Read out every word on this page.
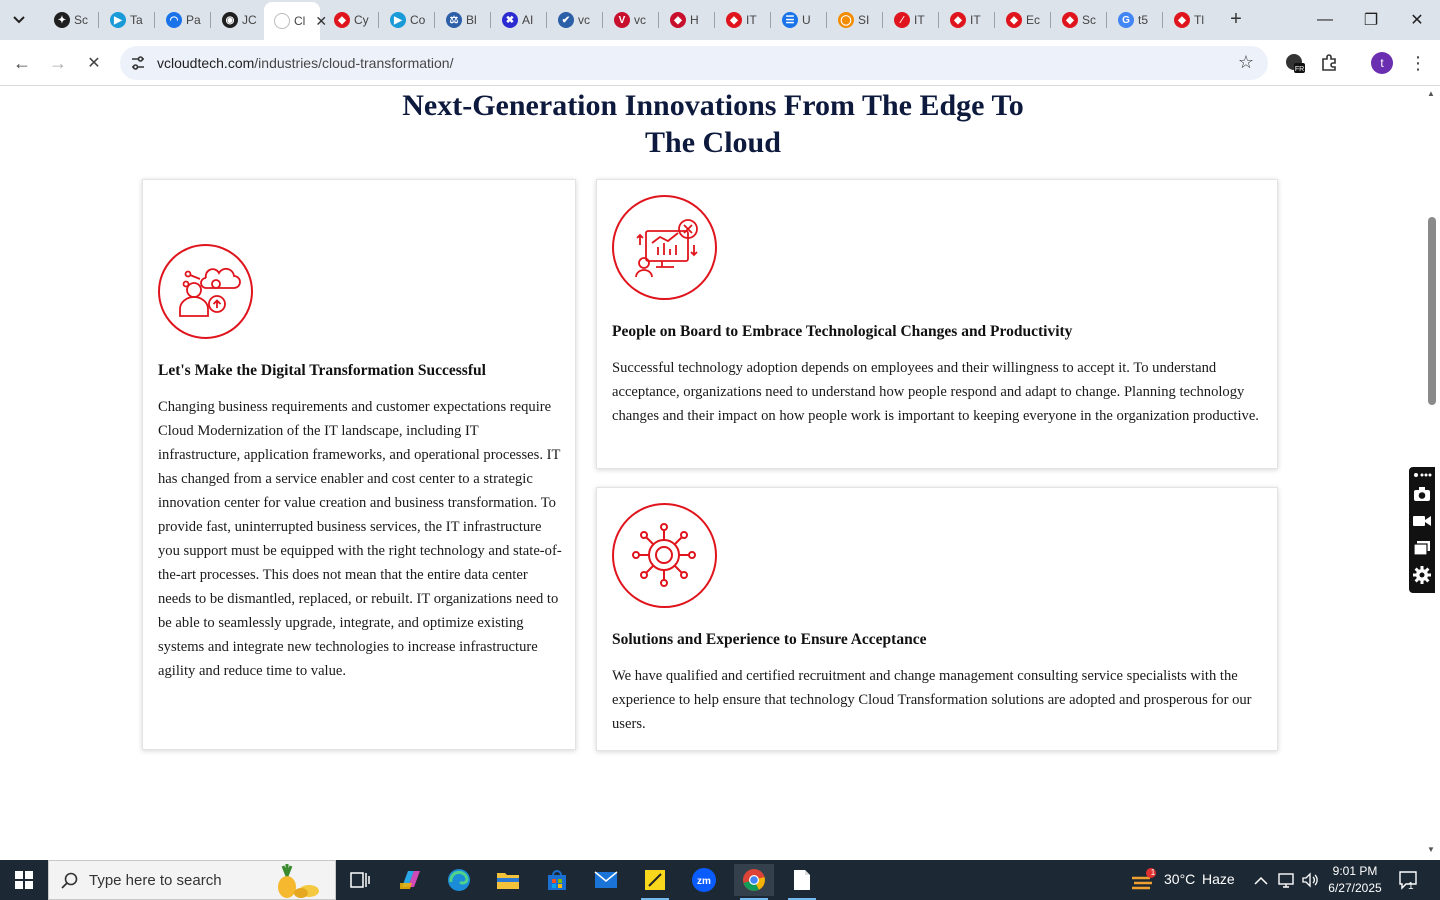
✦ Sc	▶ Ta	◠ Pa	◉ JC	Cl ✕	◆ Cy	▶ Co	⚖ Bl	✖ AI	✔ vc	V vc	◆ H	◆ IT	☰ U	◯ SI	∕ IT	◆ IT	◆ Ec	◆ Sc	G t5	◆ Tl	+	—	❐	✕
← →	✕	vcloudtech.com/industries/cloud-transformation/	☆	FR	t	⋮
Next-Generation Innovations From The Edge To
The Cloud
Let's Make the Digital Transformation Successful

Changing business requirements and customer expectations require Cloud Modernization of the IT landscape, including IT infrastructure, application frameworks, and operational processes. IT has changed from a service enabler and cost center to a strategic innovation center for value creation and business transformation. To provide fast, uninterrupted business services, the IT infrastructure you support must be equipped with the right technology and state-of-the-art processes. This does not mean that the entire data center needs to be dismantled, replaced, or rebuilt. IT organizations need to be able to seamlessly upgrade, integrate, and optimize existing systems and integrate new technologies to increase infrastructure agility and reduce time to value.

People on Board to Embrace Technological Changes and Productivity

Successful technology adoption depends on employees and their willingness to accept it. To understand acceptance, organizations need to understand how people respond and adapt to change. Planning technology changes and their impact on how people work is important to keeping everyone in the organization productive.

Solutions and Experience to Ensure Acceptance

We have qualified and certified recruitment and change management consulting service specialists with the experience to help ensure that technology Cloud Transformation solutions are adopted and prosperous for our users.

▲
▼
Type here to search	zm
1 30°C Haze	9:01 PM
6/27/2025	1
